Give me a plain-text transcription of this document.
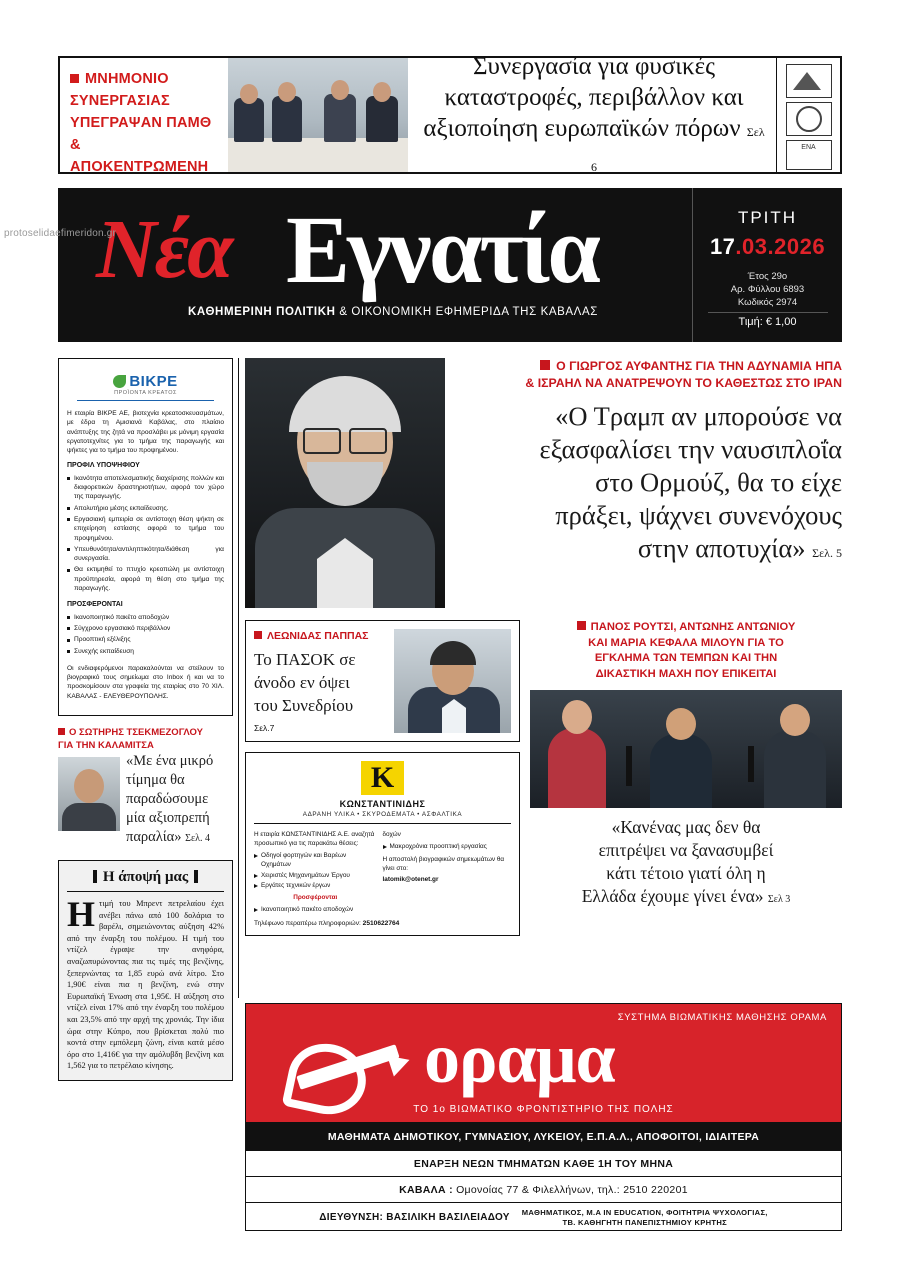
protoselidaefimeridon.gr
ΜΝΗΜΟΝΙΟ
ΣΥΝΕΡΓΑΣΙΑΣ
ΥΠΕΓΡΑΨΑΝ ΠΑΜΘ
& ΑΠΟΚΕΝΤΡΩΜΕΝΗ
Συνεργασία για φυσικές
καταστροφές, περιβάλλον και
αξιοποίηση ευρωπαϊκών πόρων Σελ 6
ΕΝΑ
Νέα Εγνατία
ΚΑΘΗΜΕΡΙΝΗ ΠΟΛΙΤΙΚΗ & ΟΙΚΟΝΟΜΙΚΗ ΕΦΗΜΕΡΙΔΑ ΤΗΣ ΚΑΒΑΛΑΣ
ΤΡΙΤΗ
17.03.2026
Έτος 29ο
Αρ. Φύλλου 6893
Κωδικός 2974
Τιμή: € 1,00
ΒΙΚΡΕ
ΠΡΟΪΟΝΤΑ ΚΡΕΑΤΟΣ

Η εταιρία ΒΙΚΡΕ ΑΕ, βιοτεχνία κρεατοσκευασμάτων, με έδρα τη Αμισιανά Καβάλας, στο πλαίσιο ανάπτυξης της ζητά να προσλάβει με μόνιμη εργασία εργατοτεχνίτες για το τμήμα της παραγωγής και ψήκτες για το τμήμα του προψημένου.

ΠΡΟΦΙΛ ΥΠΟΨΗΦΙΟΥ
Ικανότητα αποτελεσματικής διαχείρισης πολλών και διαφορετικών δραστηριοτήτων, αφορά τον χώρο της παραγωγής.
Απολυτήριο μέσης εκπαίδευσης.
Εργασιακή εμπειρία σε αντίστοιχη θέση ψήκτη σε επιχείρηση εστίασης αφορά το τμήμα του προψημένου.
Υπευθυνότητα/αντιληπτικότητα/διάθεση για συνεργασία.
Θα εκτιμηθεί το πτυχίο κρεοπώλη με αντίστοιχη προϋπηρεσία, αφορά τη θέση στο τμήμα της παραγωγής.
ΠΡΟΣΦΕΡΟΝΤΑΙ
Ικανοποιητικό πακέτο αποδοχών
Σύγχρονο εργασιακό περιβάλλον
Προοπτική εξέλιξης
Συνεχής εκπαίδευση

Οι ενδιαφερόμενοι παρακαλούνται να στείλουν το βιογραφικό τους σημείωμα στο Inbox ή και να το προσκομίσουν στα γραφεία της εταιρίας στο 70 ΧΙΛ. ΚΑΒΑΛΑΣ - ΕΛΕΥΘΕΡΟΥΠΟΛΗΣ.

Ο ΣΩΤΗΡΗΣ ΤΣΕΚΜΕΖΟΓΛΟΥ
ΓΙΑ ΤΗΝ ΚΑΛΑΜΙΤΣΑ
«Με ένα μικρό
τίμημα θα
παραδώσουμε
μία αξιοπρεπή
παραλία» Σελ. 4
Η άποψή μας
Η τιμή του Μπρεντ πετρελαίου έχει ανέβει πάνω από 100 δολάρια το βαρέλι, σημειώνοντας αύξηση 42% από την έναρξη του πολέμου. Η τιμή του ντίζελ έγραψε την ανηφόρα, αναζωπυρώνοντας πια τις τιμές της βενζίνης, ξεπερνώντας τα 1,85 ευρώ ανά λίτρο. Στο 1,90€ είναι πια η βενζίνη, ενώ στην Ευρωπαϊκή Ένωση στα 1,95€. Η αύξηση στο ντίζελ είναι 17% από την έναρξη του πολέμου και 23,5% από την αρχή της χρονιάς. Την ίδια ώρα στην Κύπρο, που βρίσκεται πολύ πιο κοντά στην εμπόλεμη ζώνη, είναι κατά μέσο όρο στο 1,416€ για την αμόλυβδη βενζίνη και 1,562 για το πετρέλαιο κίνησης.
Ο ΓΙΩΡΓΟΣ ΑΥΦΑΝΤΗΣ ΓΙΑ ΤΗΝ ΑΔΥΝΑΜΙΑ ΗΠΑ
& ΙΣΡΑΗΛ ΝΑ ΑΝΑΤΡΕΨΟΥΝ ΤΟ ΚΑΘΕΣΤΩΣ ΣΤΟ ΙΡΑΝ
«Ο Τραμπ αν μπορούσε να
εξασφαλίσει την ναυσιπλοΐα
στο Ορμούζ, θα το είχε
πράξει, ψάχνει συνενόχους
στην αποτυχία» Σελ. 5
ΛΕΩΝΙΔΑΣ ΠΑΠΠΑΣ
Το ΠΑΣΟΚ σε
άνοδο εν όψει
του Συνεδρίου
Σελ.7
Κ
ΚΩΝΣΤΑΝΤΙΝΙΔΗΣ
ΑΔΡΑΝΗ ΥΛΙΚΑ • ΣΚΥΡΟΔΕΜΑΤΑ • ΑΣΦΑΛΤΙΚΑ
Η εταιρία ΚΩΝΣΤΑΝΤΙΝΙΔΗΣ Α.Ε. αναζητά προσωπικό για τις παρακάτω θέσεις:
Οδηγοί φορτηγών και Βαρέων Οχημάτων
Χειριστές Μηχανημάτων Έργου
Εργάτες τεχνικών έργων
Προσφέρονται
Ικανοποιητικό πακέτο αποδοχών
δοχών
Μακροχρόνια προοπτική εργασίας
Η αποστολή βιογραφικών σημειωμάτων θα γίνει στο:
latomik@otenet.gr
Τηλέφωνο περαιτέρω πληροφοριών: 2510622764
ΠΑΝΟΣ ΡΟΥΤΣΙ, ΑΝΤΩΝΗΣ ΑΝΤΩΝΙΟΥ
ΚΑΙ ΜΑΡΙΑ ΚΕΦΑΛΑ ΜΙΛΟΥΝ ΓΙΑ ΤΟ
ΕΓΚΛΗΜΑ ΤΩΝ ΤΕΜΠΩΝ ΚΑΙ ΤΗΝ
ΔΙΚΑΣΤΙΚΗ ΜΑΧΗ ΠΟΥ ΕΠΙΚΕΙΤΑΙ
«Κανένας μας δεν θα
επιτρέψει να ξανασυμβεί
κάτι τέτοιο γιατί όλη η
Ελλάδα έχουμε γίνει ένα» Σελ 3
ΣΥΣΤΗΜΑ ΒΙΩΜΑΤΙΚΗΣ ΜΑΘΗΣΗΣ ΟΡΑΜΑ
οραμα
ΤΟ 1ο ΒΙΩΜΑΤΙΚΟ ΦΡΟΝΤΙΣΤΗΡΙΟ ΤΗΣ ΠΟΛΗΣ
ΜΑΘΗΜΑΤΑ ΔΗΜΟΤΙΚΟΥ, ΓΥΜΝΑΣΙΟΥ, ΛΥΚΕΙΟΥ, Ε.Π.Α.Λ., ΑΠΟΦΟΙΤΟΙ, ΙΔΙΑΙΤΕΡΑ
ΕΝΑΡΞΗ ΝΕΩΝ ΤΜΗΜΑΤΩΝ ΚΑΘΕ 1Η ΤΟΥ ΜΗΝΑ
ΚΑΒΑΛΑ :
Ομονοίας 77 & Φιλελλήνων, τηλ.: 2510 220201
ΔΙΕΥΘΥΝΣΗ: ΒΑΣΙΛΙΚΗ ΒΑΣΙΛΕΙΑΔΟΥ ΜΑΘΗΜΑΤΙΚΟΣ, M.A IN EDUCATION, ΦΟΙΤΗΤΡΙΑ ΨΥΧΟΛΟΓΙΑΣ,
ΤΒ. ΚΑΘΗΓΗΤΗ ΠΑΝΕΠΙΣΤΗΜΙΟΥ ΚΡΗΤΗΣ
